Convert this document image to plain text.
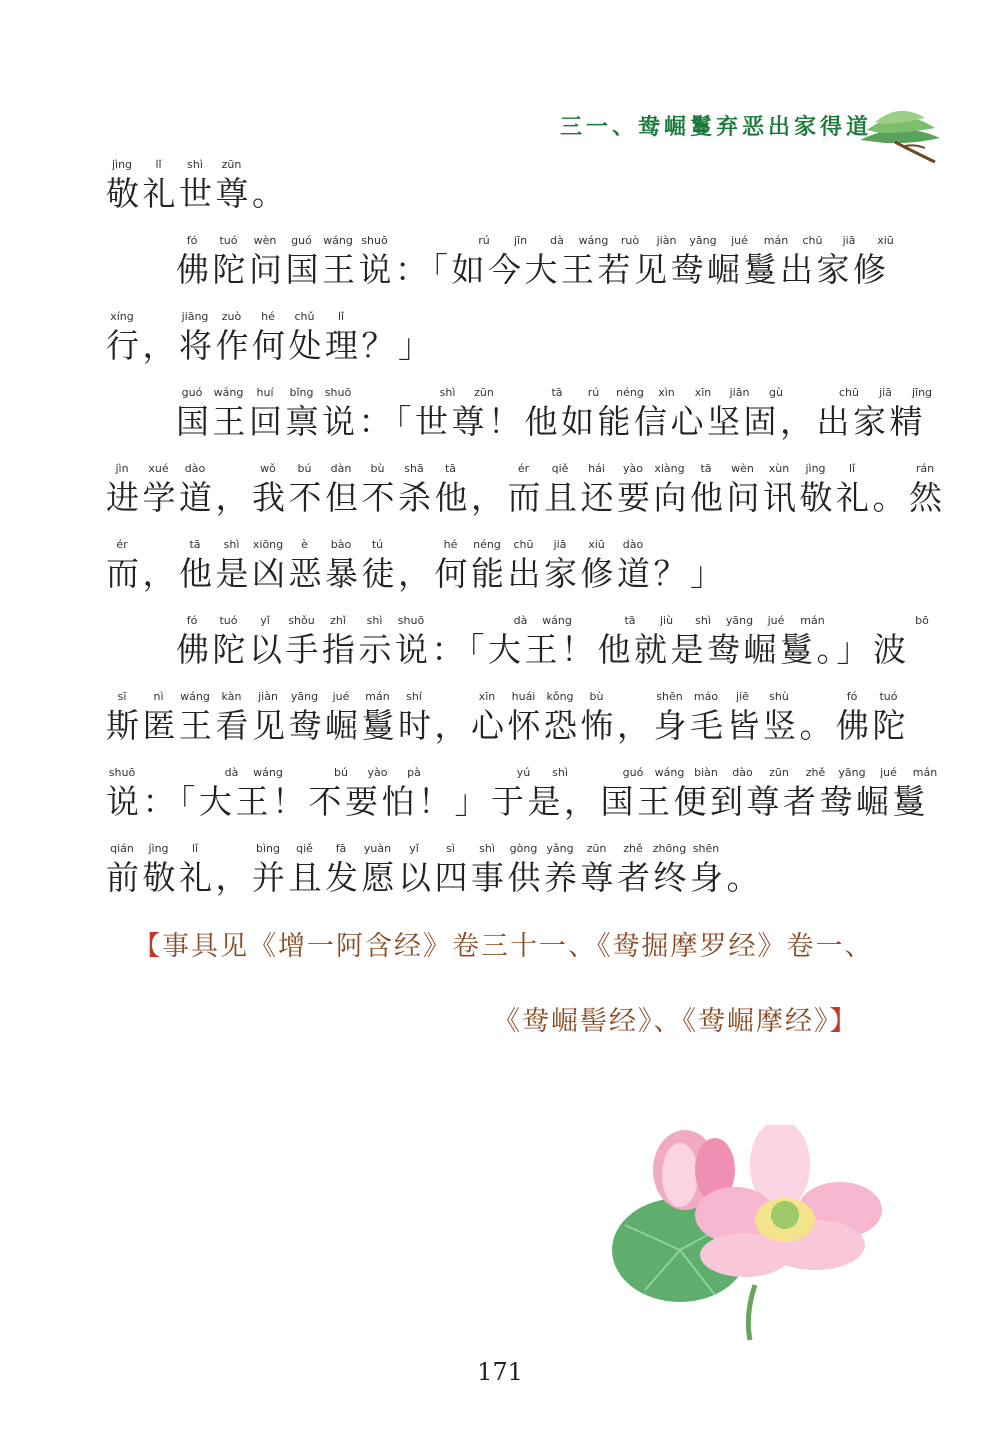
三一、鸯崛鬘弃恶出家得道
jìng lǐ shì zūn
敬礼世尊。
fó tuó wèn guó wáng shuō	rú jīn dà wáng ruò jiàn yāng jué mán chū jiā xiū
佛陀问国王说：「如今大王若见鸯崛鬘出家修
xíng	jiāng zuò hé chǔ lǐ
行，将作何处理？」
guó wáng huí bǐng shuō	shì zūn	tā rú néng xìn xīn jiān gù	chū jiā jīng
国王回禀说：「世尊！他如能信心坚固，出家精
jìn xué dào	wǒ bú dàn bù shā tā	ér qiě hái yào xiàng tā wèn xùn jìng lǐ	rán
进学道，我不但不杀他，而且还要向他问讯敬礼。然
ér	tā shì xiōng è bào tú	hé néng chū jiā xiū dào
而，他是凶恶暴徒，何能出家修道？」
fó tuó yǐ shǒu zhǐ shì shuō	dà wáng	tā jiù shì yāng jué mán	bō
佛陀以手指示说：「大王！他就是鸯崛鬘。」波
sī nì wáng kàn jiàn yāng jué mán shí	xīn huái kǒng bù	shēn máo jiē shù	fó tuó
斯匿王看见鸯崛鬘时，心怀恐怖，身毛皆竖。佛陀
shuō	dà wáng	bú yào pà	yú shì	guó wáng biàn dào zūn zhě yāng jué mán
说：「大王！不要怕！」于是，国王便到尊者鸯崛鬘
qián jìng lǐ	bìng qiě fā yuàn yǐ sì shì gòng yǎng zūn zhě zhōng shēn
前敬礼，并且发愿以四事供养尊者终身。
【事具见《增一阿含经》卷三十一、《鸯掘摩罗经》卷一、
《鸯崛髻经》、《鸯崛摩经》】
171
